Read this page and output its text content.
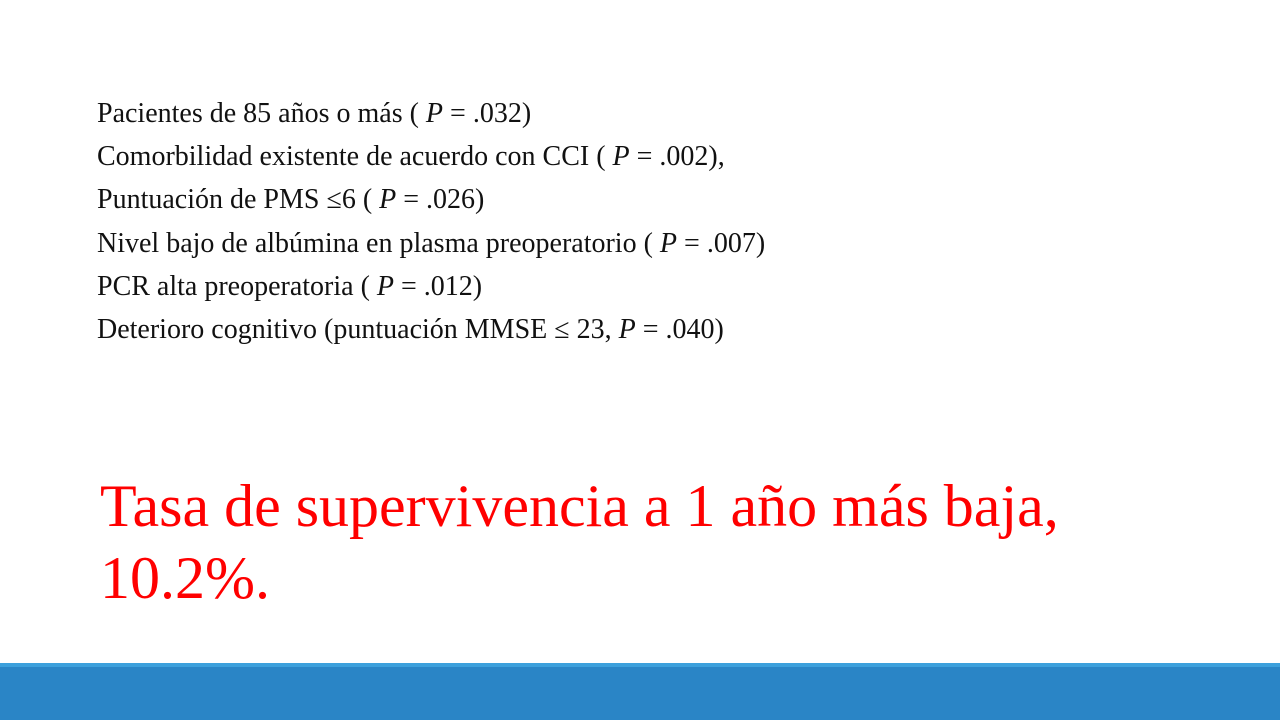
Pacientes de 85 años o más ( P = .032)
Comorbilidad existente de acuerdo con CCI ( P = .002),
Puntuación de PMS ≤6 ( P = .026)
Nivel bajo de albúmina en plasma preoperatorio ( P = .007)
PCR alta preoperatoria ( P = .012)
Deterioro cognitivo (puntuación MMSE ≤ 23, P = .040)
Tasa de supervivencia a 1 año más baja,
10.2%.
